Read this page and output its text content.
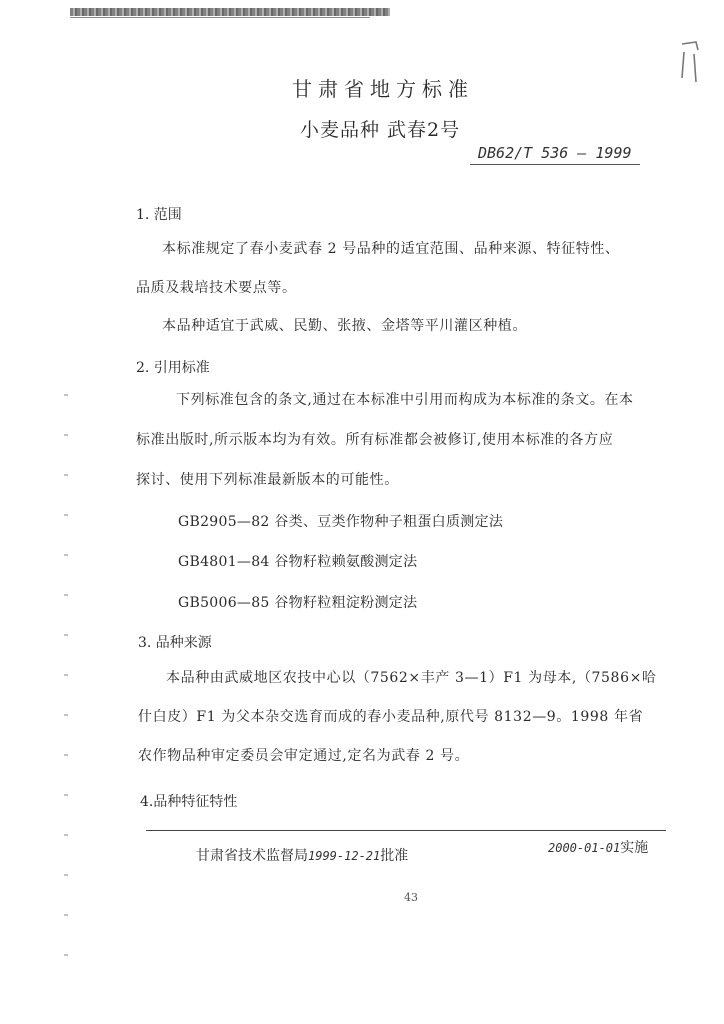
甘肃省地方标准
小麦品种 武春2号
DB62/T 536 — 1999
1. 范围
本标准规定了春小麦武春 2 号品种的适宜范围、品种来源、特征特性、
品质及栽培技术要点等。
本品种适宜于武威、民勤、张掖、金塔等平川灌区种植。
2. 引用标准
下列标准包含的条文,通过在本标准中引用而构成为本标准的条文。在本
标准出版时,所示版本均为有效。所有标准都会被修订,使用本标准的各方应
探讨、使用下列标准最新版本的可能性。
GB2905—82 谷类、豆类作物种子粗蛋白质测定法
GB4801—84 谷物籽粒赖氨酸测定法
GB5006—85 谷物籽粒粗淀粉测定法
3. 品种来源
本品种由武威地区农技中心以（7562×丰产 3—1）F1 为母本,（7586×哈
什白皮）F1 为父本杂交选育而成的春小麦品种,原代号 8132—9。1998 年省
农作物品种审定委员会审定通过,定名为武春 2 号。
4.品种特征特性
甘肃省技术监督局1999-12-21批准	2000-01-01实施
43
